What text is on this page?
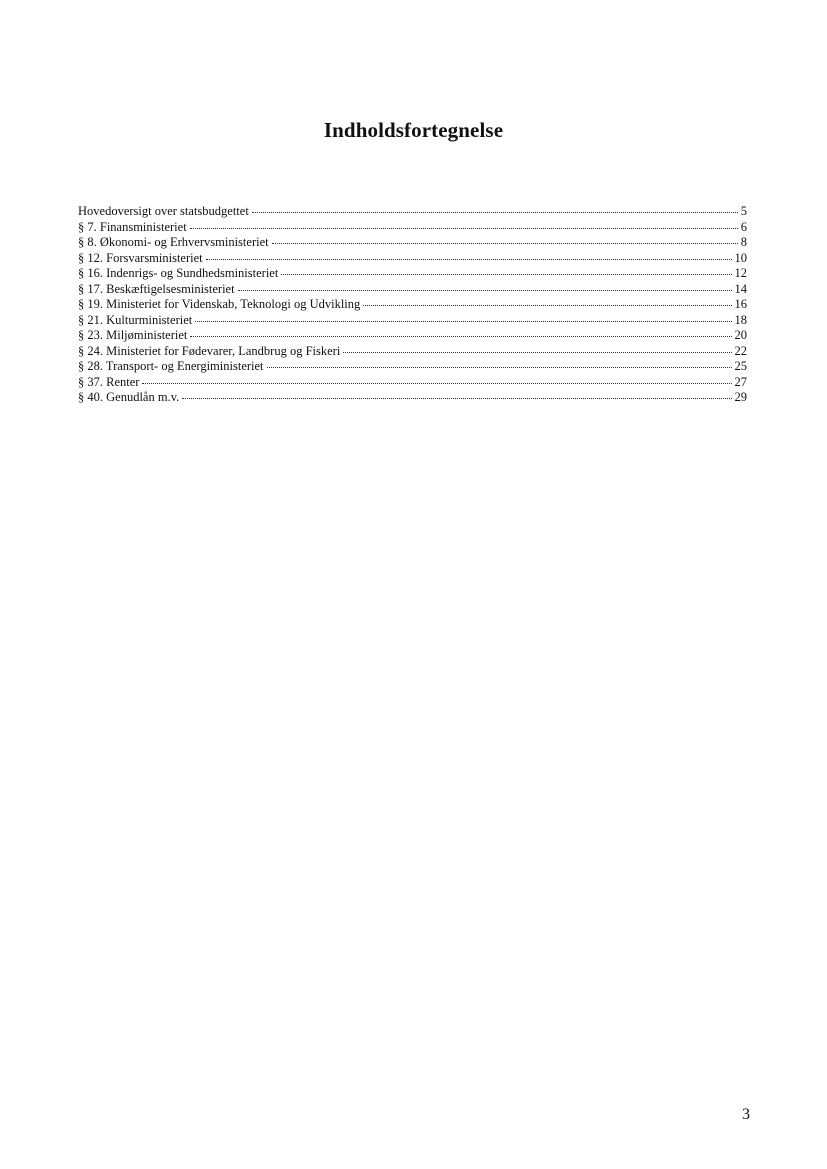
Indholdsfortegnelse
Hovedoversigt over statsbudgettet	5
§ 7. Finansministeriet	6
§ 8. Økonomi- og Erhvervsministeriet	8
§ 12. Forsvarsministeriet	10
§ 16. Indenrigs- og Sundhedsministeriet	12
§ 17. Beskæftigelsesministeriet	14
§ 19. Ministeriet for Videnskab, Teknologi og Udvikling	16
§ 21. Kulturministeriet	18
§ 23. Miljøministeriet	20
§ 24. Ministeriet for Fødevarer, Landbrug og Fiskeri	22
§ 28. Transport- og Energiministeriet	25
§ 37. Renter	27
§ 40. Genudlån m.v.	29
3
